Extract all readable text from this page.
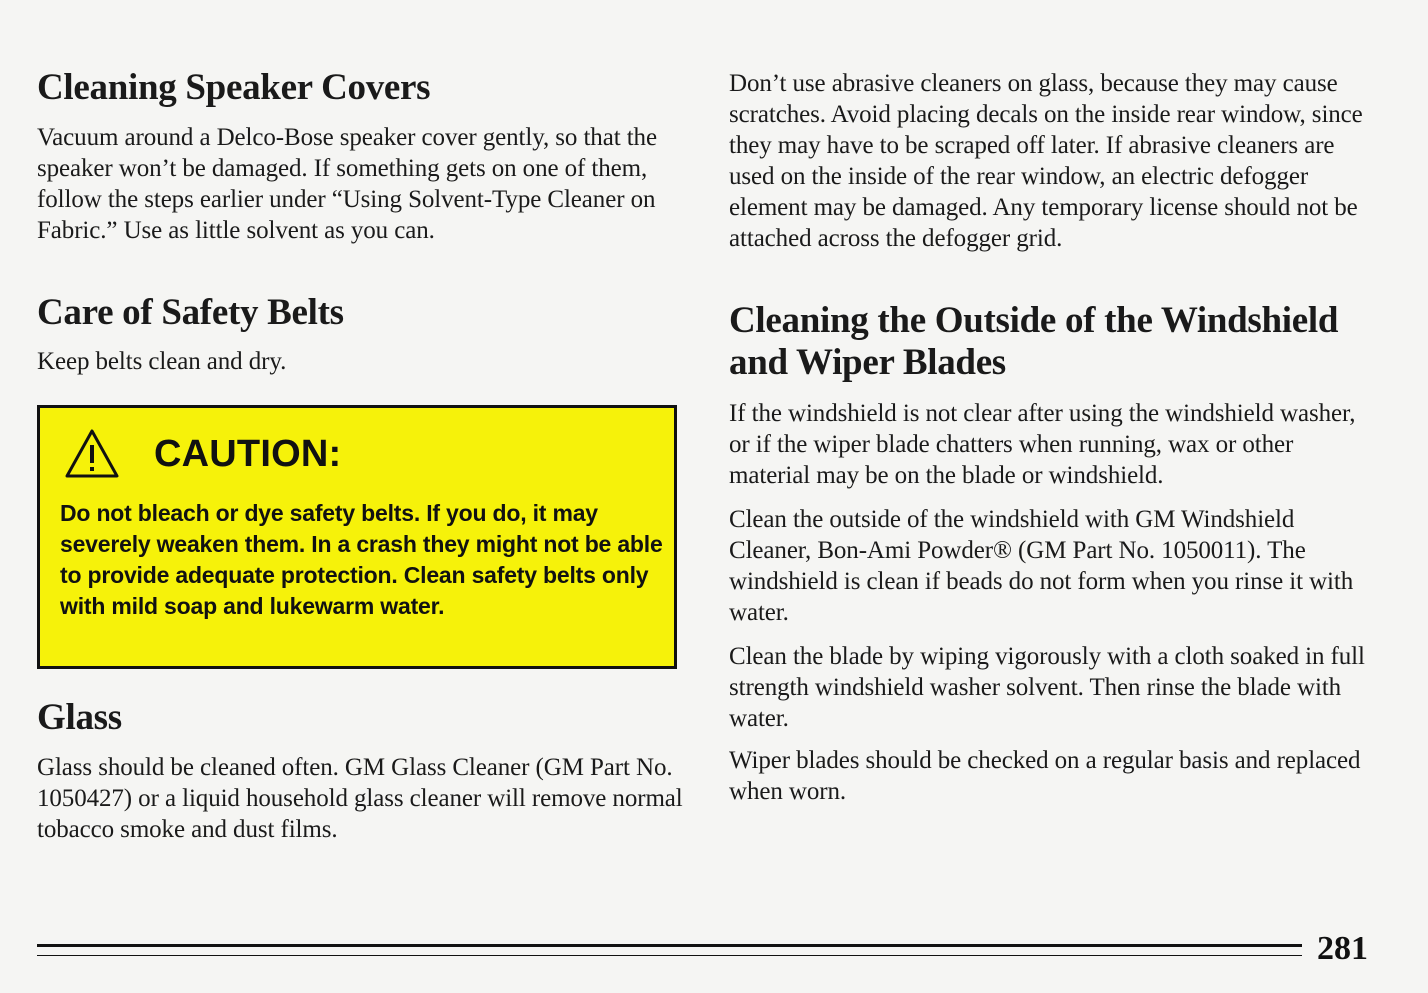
Cleaning Speaker Covers

Vacuum around a Delco-Bose speaker cover gently, so that the speaker won’t be damaged. If something gets on one of them, follow the steps earlier under “Using Solvent-Type Cleaner on Fabric.” Use as little solvent as you can.

Care of Safety Belts

Keep belts clean and dry.

CAUTION:

Do not bleach or dye safety belts. If you do, it may severely weaken them. In a crash they might not be able to provide adequate protection. Clean safety belts only with mild soap and lukewarm water.

Glass

Glass should be cleaned often. GM Glass Cleaner (GM Part No. 1050427) or a liquid household glass cleaner will remove normal tobacco smoke and dust films.

Don’t use abrasive cleaners on glass, because they may cause scratches. Avoid placing decals on the inside rear window, since they may have to be scraped off later. If abrasive cleaners are used on the inside of the rear window, an electric defogger element may be damaged. Any temporary license should not be attached across the defogger grid.

Cleaning the Outside of the Windshield and Wiper Blades

If the windshield is not clear after using the windshield washer, or if the wiper blade chatters when running, wax or other material may be on the blade or windshield.

Clean the outside of the windshield with GM Windshield Cleaner, Bon-Ami Powder® (GM Part No. 1050011). The windshield is clean if beads do not form when you rinse it with water.

Clean the blade by wiping vigorously with a cloth soaked in full strength windshield washer solvent. Then rinse the blade with water.

Wiper blades should be checked on a regular basis and replaced when worn.

281
